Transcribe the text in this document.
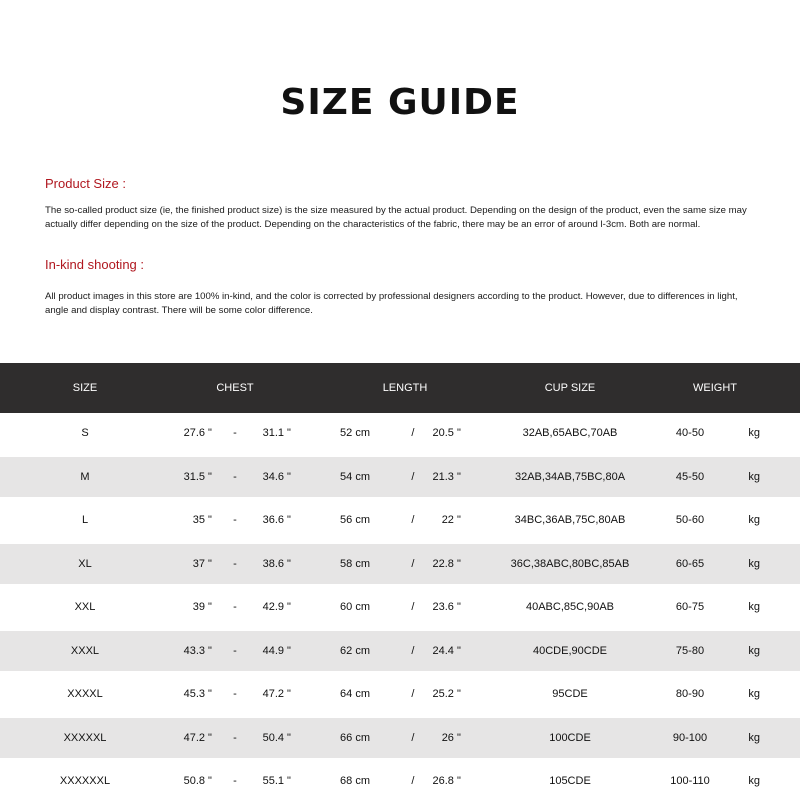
SIZE GUIDE
Product Size :
The so-called product size (ie, the finished product size) is the size measured by the actual product. Depending on the design of the product, even the same size may actually differ depending on the size of the product. Depending on the characteristics of the fabric, there may be an error of around l-3cm. Both are normal.
In-kind shooting :
All product images in this store are 100% in-kind, and the color is corrected by professional designers according to the product. However, due to differences in light, angle and display contrast. There will be some color difference.
SIZE	CHEST	LENGTH	CUP SIZE	WEIGHT
S	27.6 "	-	31.1 "	52 cm	/	20.5 "	32AB,65ABC,70AB	40-50	kg
M	31.5 "	-	34.6 "	54 cm	/	21.3 "	32AB,34AB,75BC,80A	45-50	kg
L	35 "	-	36.6 "	56 cm	/	22 "	34BC,36AB,75C,80AB	50-60	kg
XL	37 "	-	38.6 "	58 cm	/	22.8 "	36C,38ABC,80BC,85AB	60-65	kg
XXL	39 "	-	42.9 "	60 cm	/	23.6 "	40ABC,85C,90AB	60-75	kg
XXXL	43.3 "	-	44.9 "	62 cm	/	24.4 "	40CDE,90CDE	75-80	kg
XXXXL	45.3 "	-	47.2 "	64 cm	/	25.2 "	95CDE	80-90	kg
XXXXXL	47.2 "	-	50.4 "	66 cm	/	26 "	100CDE	90-100	kg
XXXXXXL	50.8 "	-	55.1 "	68 cm	/	26.8 "	105CDE	100-110	kg
